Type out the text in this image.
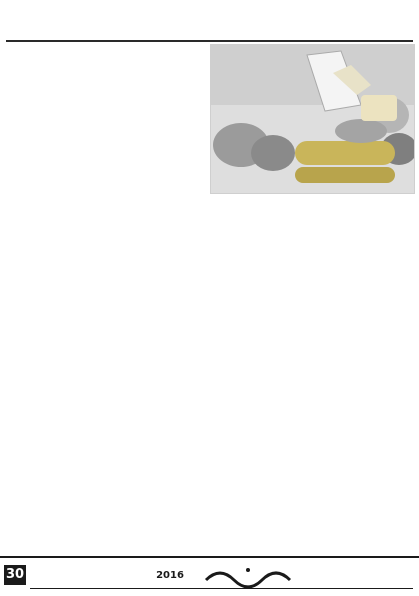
30	2016
